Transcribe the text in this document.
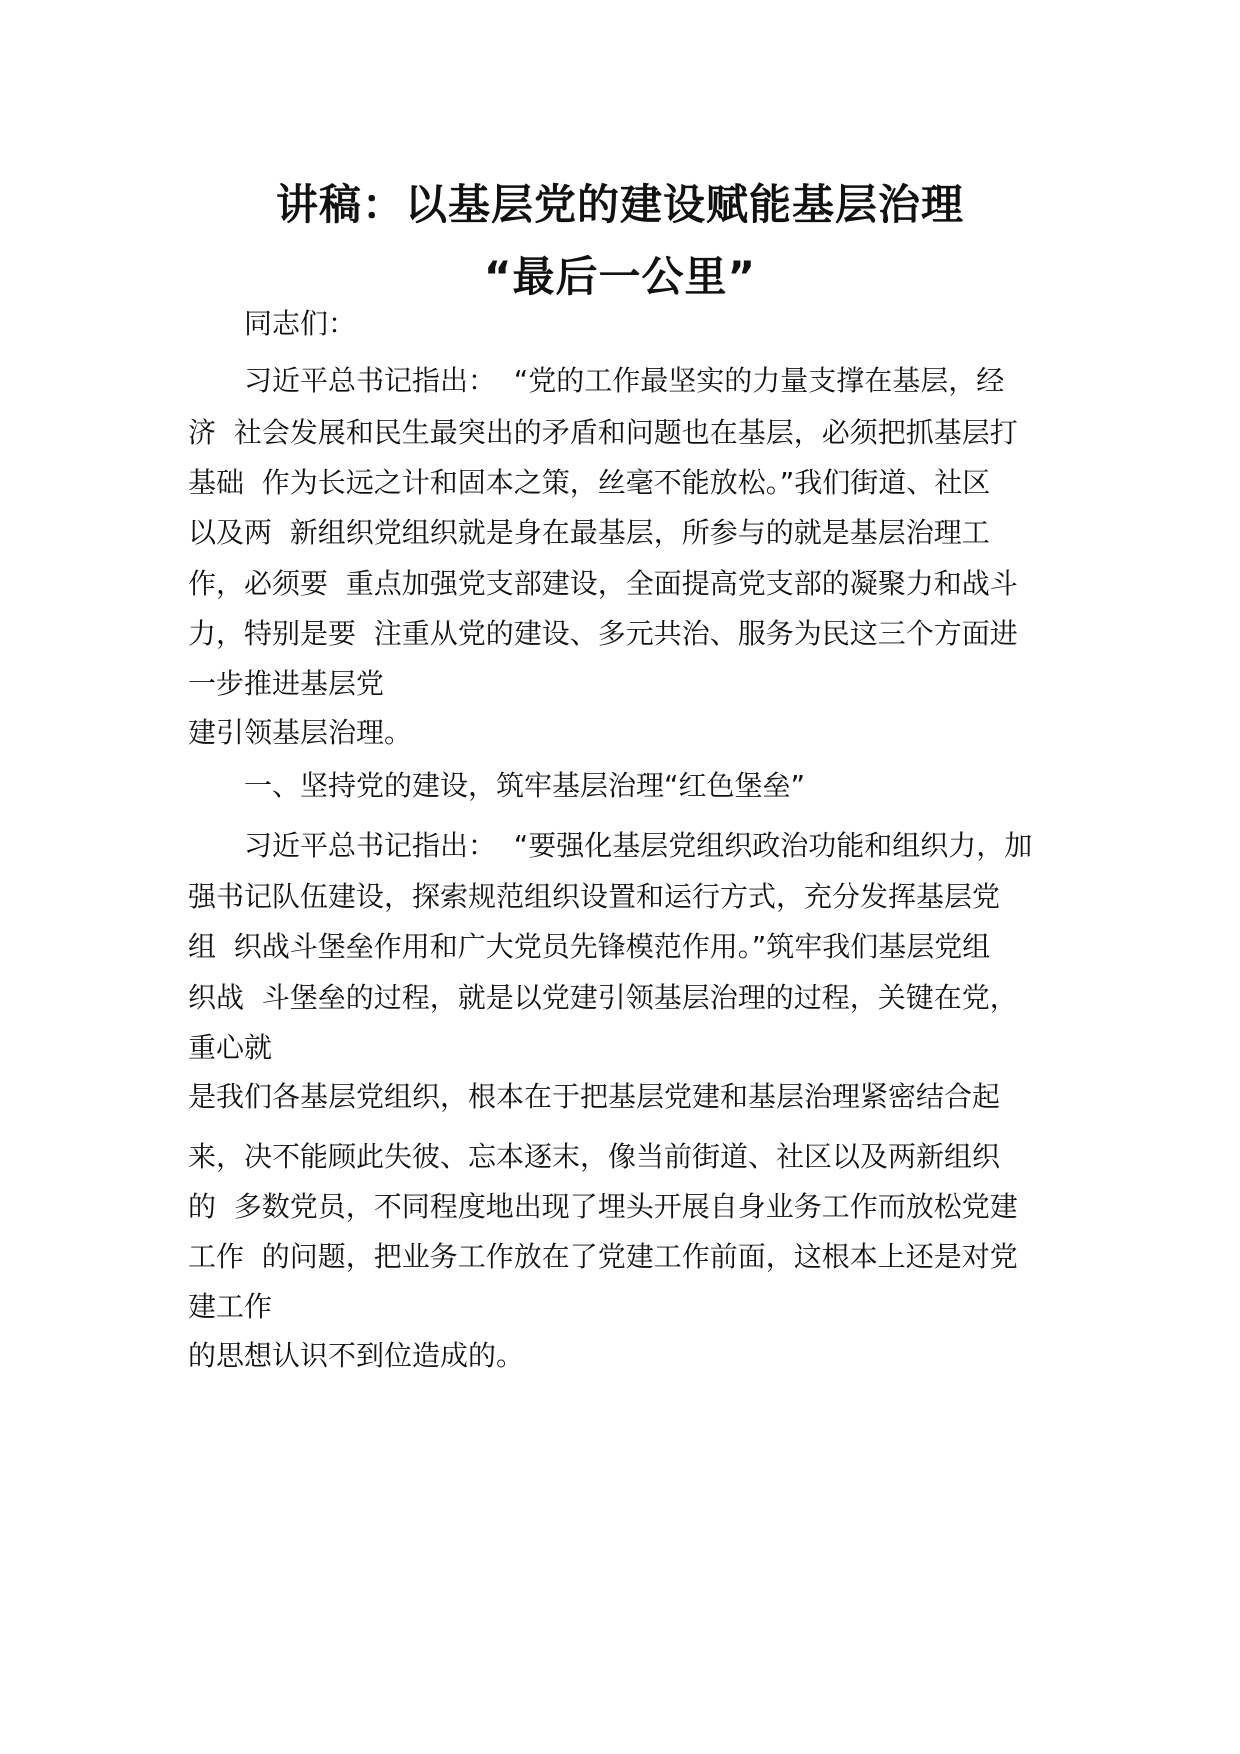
讲稿：以基层党的建设赋能基层治理
“最后一公里”
同志们：
习近平总书记指出：  “党的工作最坚实的力量支撑在基层，经
济  社会发展和民生最突出的矛盾和问题也在基层，必须把抓基层打
基础  作为长远之计和固本之策，丝毫不能放松。”我们街道、社区
以及两  新组织党组织就是身在最基层，所参与的就是基层治理工
作，必须要  重点加强党支部建设，全面提高党支部的凝聚力和战斗
力，特别是要  注重从党的建设、多元共治、服务为民这三个方面进
一步推进基层党
建引领基层治理。
一、坚持党的建设，筑牢基层治理“红色堡垒”
习近平总书记指出：  “要强化基层党组织政治功能和组织力，加
强书记队伍建设，探索规范组织设置和运行方式，充分发挥基层党
组  织战斗堡垒作用和广大党员先锋模范作用。”筑牢我们基层党组
织战  斗堡垒的过程，就是以党建引领基层治理的过程，关键在党，
重心就
是我们各基层党组织，根本在于把基层党建和基层治理紧密结合起
来，决不能顾此失彼、忘本逐末，像当前街道、社区以及两新组织
的  多数党员，不同程度地出现了埋头开展自身业务工作而放松党建
工作  的问题，把业务工作放在了党建工作前面，这根本上还是对党
建工作
的思想认识不到位造成的。
